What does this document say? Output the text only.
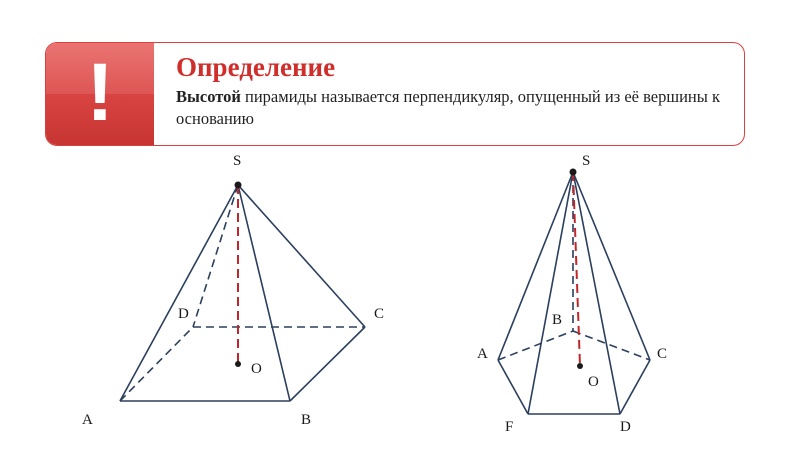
!	Определение
Высотой пирамиды называется перпендикуляр, опущенный из её вершины к основанию
S
D	C
O
A	B
S
B
A	C
O
F	D
